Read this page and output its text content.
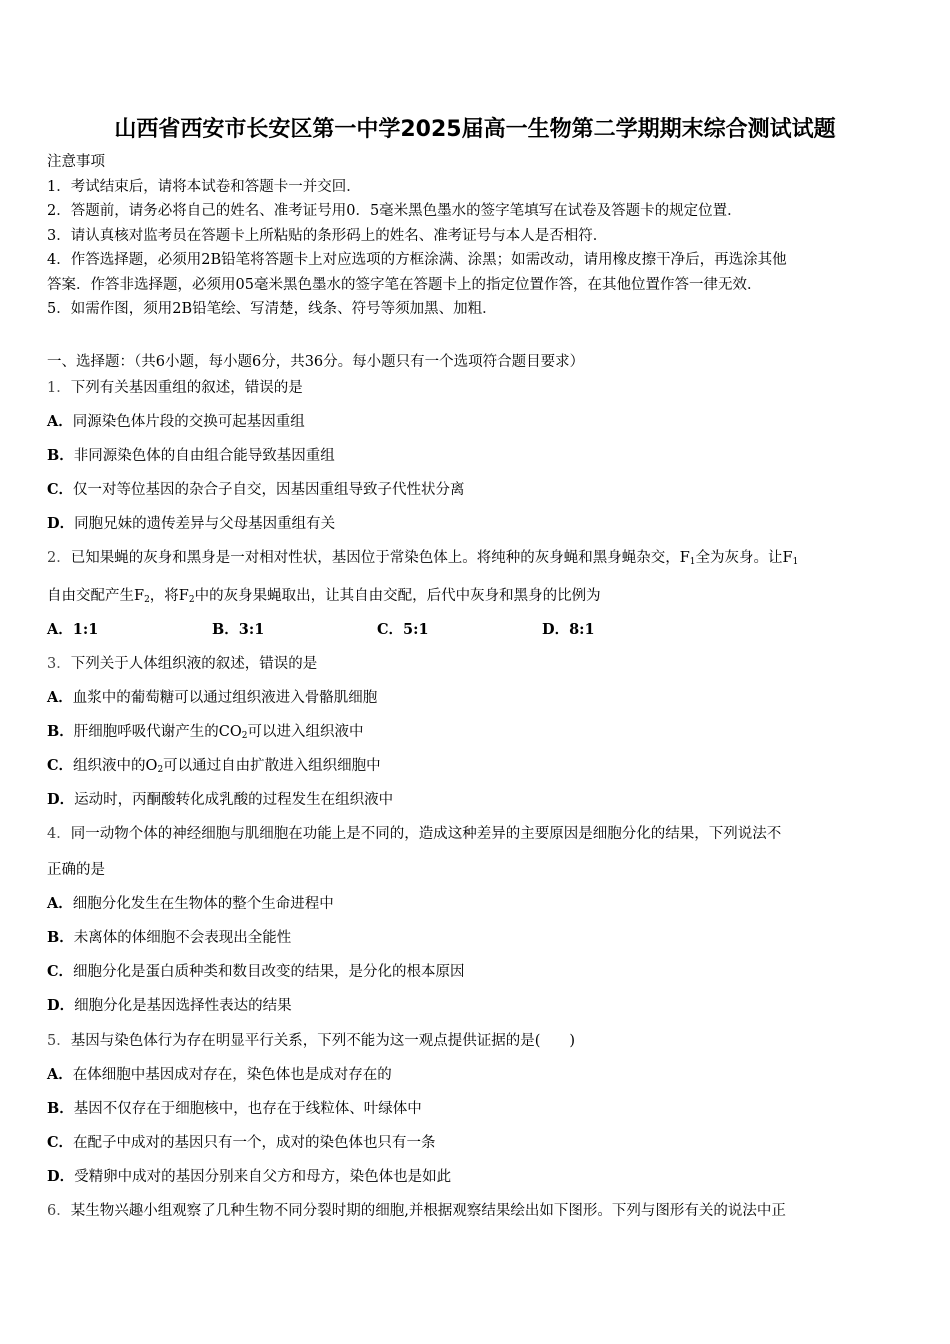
山西省西安市长安区第一中学2025届高一生物第二学期期末综合测试试题

注意事项

1．考试结束后，请将本试卷和答题卡一并交回．

2．答题前，请务必将自己的姓名、准考证号用0．5毫米黑色墨水的签字笔填写在试卷及答题卡的规定位置．

3．请认真核对监考员在答题卡上所粘贴的条形码上的姓名、准考证号与本人是否相符．

4．作答选择题，必须用2B铅笔将答题卡上对应选项的方框涂满、涂黑；如需改动，请用橡皮擦干净后，再选涂其他

答案．作答非选择题，必须用05毫米黑色墨水的签字笔在答题卡上的指定位置作答，在其他位置作答一律无效．

5．如需作图，须用2B铅笔绘、写清楚，线条、符号等须加黑、加粗．

一、选择题：（共6小题，每小题6分，共36分。每小题只有一个选项符合题目要求）
1．下列有关基因重组的叙述，错误的是
A．同源染色体片段的交换可起基因重组
B．非同源染色体的自由组合能导致基因重组
C．仅一对等位基因的杂合子自交，因基因重组导致子代性状分离
D．同胞兄妹的遗传差异与父母基因重组有关
2．已知果蝇的灰身和黑身是一对相对性状，基因位于常染色体上。将纯种的灰身蝇和黑身蝇杂交，$F_1$全为灰身。让$F_1$
自由交配产生$F_2$，将$F_2$中的灰身果蝇取出，让其自由交配，后代中灰身和黑身的比例为
A．1:1	B．3:1	C．5:1	D．8:1
3．下列关于人体组织液的叙述，错误的是
A．血浆中的葡萄糖可以通过组织液进入骨骼肌细胞
B．肝细胞呼吸代谢产生的$CO_2$可以进入组织液中
C．组织液中的$O_2$可以通过自由扩散进入组织细胞中
D．运动时，丙酮酸转化成乳酸的过程发生在组织液中
4．同一动物个体的神经细胞与肌细胞在功能上是不同的，造成这种差异的主要原因是细胞分化的结果，下列说法不
正确的是
A．细胞分化发生在生物体的整个生命进程中
B．未离体的体细胞不会表现出全能性
C．细胞分化是蛋白质种类和数目改变的结果，是分化的根本原因
D．细胞分化是基因选择性表达的结果
5．基因与染色体行为存在明显平行关系，下列不能为这一观点提供证据的是(　　)
A．在体细胞中基因成对存在，染色体也是成对存在的
B．基因不仅存在于细胞核中，也存在于线粒体、叶绿体中
C．在配子中成对的基因只有一个，成对的染色体也只有一条
D．受精卵中成对的基因分别来自父方和母方，染色体也是如此
6．某生物兴趣小组观察了几种生物不同分裂时期的细胞,并根据观察结果绘出如下图形。下列与图形有关的说法中正
